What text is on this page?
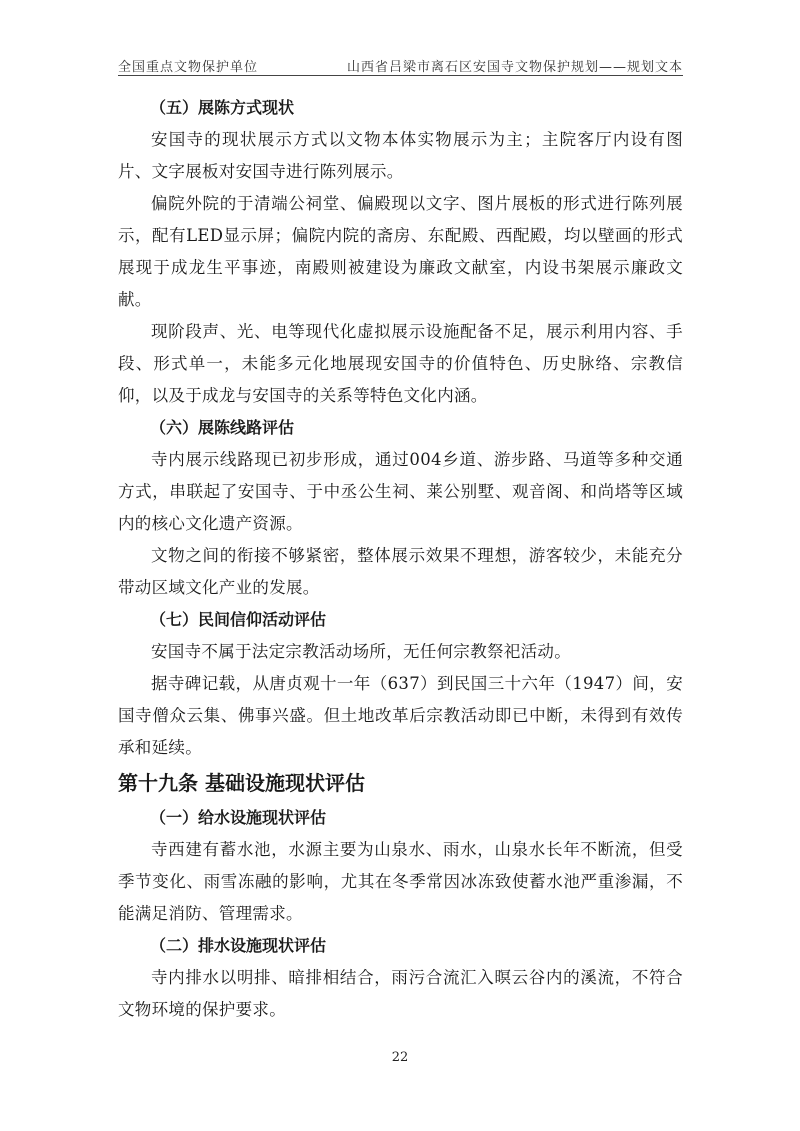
全国重点文物保护单位	山西省吕梁市离石区安国寺文物保护规划——规划文本
（五）展陈方式现状

安国寺的现状展示方式以文物本体实物展示为主；主院客厅内设有图片、文字展板对安国寺进行陈列展示。

偏院外院的于清端公祠堂、偏殿现以文字、图片展板的形式进行陈列展示，配有LED显示屏；偏院内院的斋房、东配殿、西配殿，均以壁画的形式展现于成龙生平事迹，南殿则被建设为廉政文献室，内设书架展示廉政文献。

现阶段声、光、电等现代化虚拟展示设施配备不足，展示利用内容、手段、形式单一，未能多元化地展现安国寺的价值特色、历史脉络、宗教信仰，以及于成龙与安国寺的关系等特色文化内涵。

（六）展陈线路评估

寺内展示线路现已初步形成，通过004乡道、游步路、马道等多种交通方式，串联起了安国寺、于中丞公生祠、莱公别墅、观音阁、和尚塔等区域内的核心文化遗产资源。

文物之间的衔接不够紧密，整体展示效果不理想，游客较少，未能充分带动区域文化产业的发展。

（七）民间信仰活动评估

安国寺不属于法定宗教活动场所，无任何宗教祭祀活动。

据寺碑记载，从唐贞观十一年（637）到民国三十六年（1947）间，安国寺僧众云集、佛事兴盛。但土地改革后宗教活动即已中断，未得到有效传承和延续。

第十九条 基础设施现状评估
（一）给水设施现状评估

寺西建有蓄水池，水源主要为山泉水、雨水，山泉水长年不断流，但受季节变化、雨雪冻融的影响，尤其在冬季常因冰冻致使蓄水池严重渗漏，不能满足消防、管理需求。

（二）排水设施现状评估

寺内排水以明排、暗排相结合，雨污合流汇入暝云谷内的溪流，不符合文物环境的保护要求。

22
